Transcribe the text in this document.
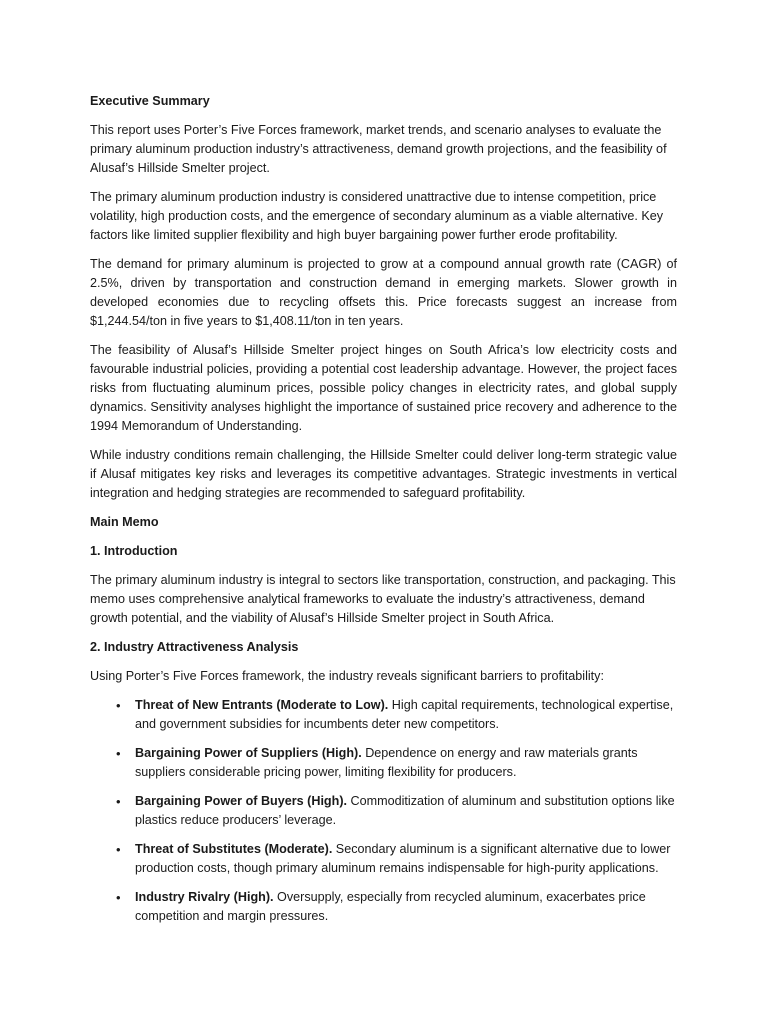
Executive Summary

This report uses Porter’s Five Forces framework, market trends, and scenario analyses to evaluate the primary aluminum production industry’s attractiveness, demand growth projections, and the feasibility of Alusaf’s Hillside Smelter project.

The primary aluminum production industry is considered unattractive due to intense competition, price volatility, high production costs, and the emergence of secondary aluminum as a viable alternative. Key factors like limited supplier flexibility and high buyer bargaining power further erode profitability.

The demand for primary aluminum is projected to grow at a compound annual growth rate (CAGR) of 2.5%, driven by transportation and construction demand in emerging markets. Slower growth in developed economies due to recycling offsets this. Price forecasts suggest an increase from $1,244.54/ton in five years to $1,408.11/ton in ten years.

The feasibility of Alusaf’s Hillside Smelter project hinges on South Africa’s low electricity costs and favourable industrial policies, providing a potential cost leadership advantage. However, the project faces risks from fluctuating aluminum prices, possible policy changes in electricity rates, and global supply dynamics. Sensitivity analyses highlight the importance of sustained price recovery and adherence to the 1994 Memorandum of Understanding.

While industry conditions remain challenging, the Hillside Smelter could deliver long-term strategic value if Alusaf mitigates key risks and leverages its competitive advantages. Strategic investments in vertical integration and hedging strategies are recommended to safeguard profitability.

Main Memo
1. Introduction

The primary aluminum industry is integral to sectors like transportation, construction, and packaging. This memo uses comprehensive analytical frameworks to evaluate the industry’s attractiveness, demand growth potential, and the viability of Alusaf’s Hillside Smelter project in South Africa.

2. Industry Attractiveness Analysis

Using Porter’s Five Forces framework, the industry reveals significant barriers to profitability:

• Threat of New Entrants (Moderate to Low). High capital requirements, technological expertise, and government subsidies for incumbents deter new competitors.
• Bargaining Power of Suppliers (High). Dependence on energy and raw materials grants suppliers considerable pricing power, limiting flexibility for producers.
• Bargaining Power of Buyers (High). Commoditization of aluminum and substitution options like plastics reduce producers’ leverage.
• Threat of Substitutes (Moderate). Secondary aluminum is a significant alternative due to lower production costs, though primary aluminum remains indispensable for high-purity applications.
• Industry Rivalry (High). Oversupply, especially from recycled aluminum, exacerbates price competition and margin pressures.
